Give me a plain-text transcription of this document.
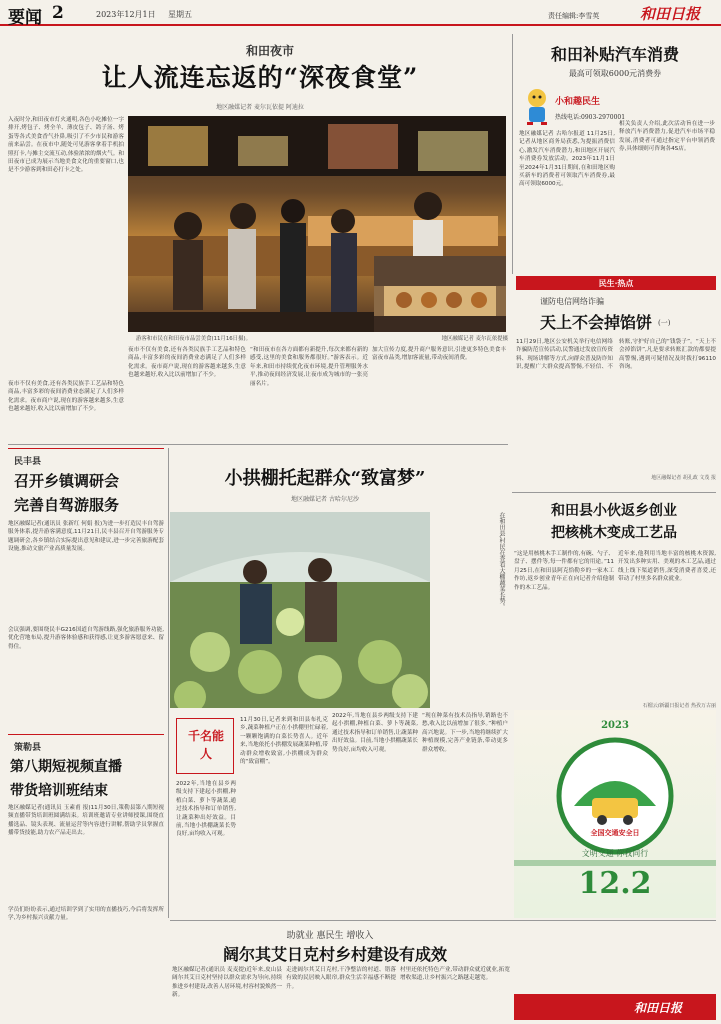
要闻 2	2023年12月1日 星期五	责任编辑:李雪英	和田日报
和田夜市
让人流连忘返的“深夜食堂”
地区融媒记者 麦尔瓦依提 阿迪拉
入夜时分,和田夜市灯火通明,各色小吃摊位一字排开,烤包子、烤全羊、薄皮包子、鸽子汤、烤蛋等各式美食香气扑鼻,吸引了不少市民和游客前来品尝。在夜市中,随处可见游客拿着手机拍照打卡,与摊主交流互动,体验浓浓的烟火气。和田夜市已成为展示当地美食文化的重要窗口,也是不少游客到和田必打卡之处。
夜市不仅有美食,还有各类民族手工艺品和特色商品,丰富多彩的夜间消费业态满足了人们多样化需求。夜市商户说,现在的游客越来越多,生意也越来越好,收入比以前增加了不少。
游客和市民在和田夜市品尝美食(11月16日摄)。
夜市不仅有美食,还有各类民族手工艺品和特色商品,丰富多彩的夜间消费业态满足了人们多样化需求。夜市商户说,现在的游客越来越多,生意也越来越好,收入比以前增加了不少。
“和田夜市在各方面都有新提升,每次来都有新的感受,这里的美食和服务都很好。”游客表示。近年来,和田市持续优化夜市环境,提升管理服务水平,推动夜间经济发展,让夜市成为城市的一张亮丽名片。
地区融媒记者 麦尔瓦依提摄
加大宣传力度,提升商户服务意识,引进更多特色美食丰富夜市品类,增加客流量,带动夜间消费。
和田补贴汽车消费
最高可领取6000元消费券
小和趣民生
热线电话:0903-2970001
地区融媒记者 古哈尔报道 11月25日,记者从地区商务局获悉,为提振消费信心,激发汽车消费潜力,和田地区开展汽车消费券发放活动。2023年11月1日至2024年1月31日期间,在和田地区购买新车的消费者可领取汽车消费券,最高可领取6000元。
相关负责人介绍,此次活动旨在进一步释放汽车消费潜力,促进汽车市场平稳发展,消费者可通过指定平台申领消费券,具体细则可咨询各4S店。
民生·热点
谨防电信网络诈骗
天上不会掉馅饼 (一)
11月29日,地区公安机关举行电信网络诈骗防范宣传活动,民警通过发放宣传资料、现场讲解等方式,向群众普及防诈知识,提醒广大群众提高警惕,不轻信、不转账,守护好自己的“钱袋子”。“天上不会掉馅饼”,凡是要求转账汇款的都要提高警惕,遇到可疑情况及时拨打96110咨询。
地区融媒记者 胡孔政 文茂 报
小拱棚托起群众“致富梦”
地区融媒记者 古哈尔尼沙
在和田县,村民在查看大棚蔬菜长势。
千名能人
11月30日,记者来到和田县布扎克乡,蔬菜种植户正在小拱棚里忙碌着,一颗颗饱满的白菜长势喜人。近年来,当地依托小拱棚发展蔬菜种植,带动群众增收致富,小拱棚成为群众的“致富棚”。
2022年,当地在县乡两级支持下建起小拱棚,种植白菜、萝卜等蔬菜,通过技术指导和订单销售,让蔬菜种出好效益。目前,当地小拱棚蔬菜长势良好,亩均收入可观。
“现在种菜有技术员指导,销路也不愁,收入比以前增加了很多。”种植户高兴地说。下一步,当地将继续扩大种植规模,完善产业链条,带动更多群众增收。
2022年,当地在县乡两级支持下建起小拱棚,种植白菜、萝卜等蔬菜,通过技术指导和订单销售,让蔬菜种出好效益。目前,当地小拱棚蔬菜长势良好,亩均收入可观。
民丰县
召开乡镇调研会
完善自驾游服务
地区融媒记者(通讯员 张新红 何娟 报)为进一步打造民丰自驾游服务体系,提升游客满意度,11月21日,民丰县召开自驾游服务专题调研会,各乡镇结合实际提出意见和建议,进一步完善旅游配套设施,推动文旅产业高质量发展。
会议强调,要围绕民丰G216国道自驾游线路,强化旅游服务功能,优化营地布局,提升游客体验感和获得感,让更多游客愿意来、留得住。
策勒县
第八期短视频直播
带货培训班结束
地区融媒记者(通讯员 玉素甫 报)11月30日,策勒县第八期短视频直播带货培训班圆满结束。培训班邀请专业讲师授课,围绕直播选品、镜头表现、流量运营等内容进行讲解,帮助学员掌握直播带货技能,助力农产品走出去。
学员们纷纷表示,通过培训学到了实用的直播技巧,今后将发挥所学,为乡村振兴贡献力量。
和田县小伙返乡创业
把核桃木变成工艺品
“这是用核桃木手工制作的,有碗、勺子、盘子、摆件等,每一件都有它的用途。”11月25日,在和田县阿克恰勒乡的一家木工作坊,返乡创业青年正在向记者介绍他制作的木工艺品。
近年来,他利用当地丰富的核桃木资源,开发出多种实用、美观的木工艺品,通过线上线下渠道销售,深受消费者喜爱,还带动了村里多名群众就业。
石榴云/新疆日报记者 热孜万古丽
2023
全国交通安全日
文明交通 你我同行
12.2
助就业 惠民生 增收入
阔尔其艾日克村乡村建设有成效
地区融媒记者(通讯员 麦麦提)近年来,皮山县阔尔其艾日克村坚持以群众需求为导向,持续推进乡村建设,改善人居环境,村容村貌焕然一新。
走进阔尔其艾日克村,干净整洁的村道、错落有致的民居映入眼帘,群众生活幸福感不断提升。
村里还依托特色产业,带动群众就近就业,拓宽增收渠道,让乡村振兴之路越走越宽。
和田日报
